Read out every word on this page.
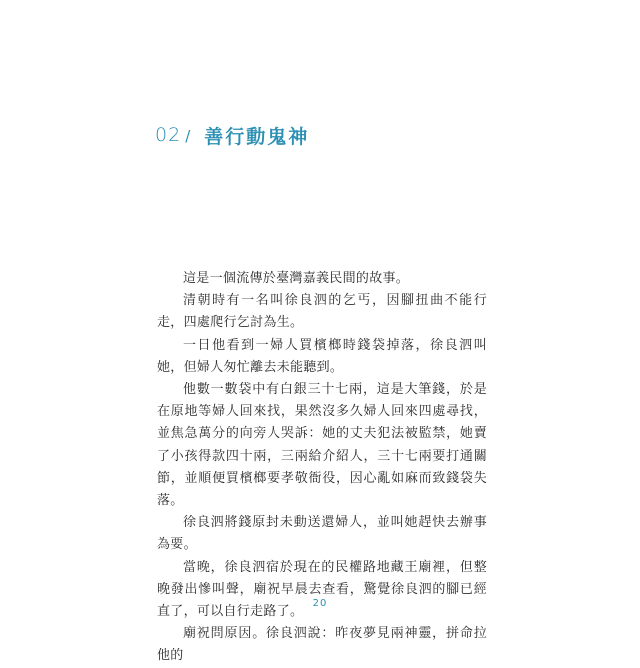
02 / 善行動鬼神

這是一個流傳於臺灣嘉義民間的故事。

清朝時有一名叫徐良泗的乞丐，因腳扭曲不能行走，四處爬行乞討為生。

一日他看到一婦人買檳榔時錢袋掉落，徐良泗叫她，但婦人匆忙離去未能聽到。

他數一數袋中有白銀三十七兩，這是大筆錢，於是在原地等婦人回來找，果然沒多久婦人回來四處尋找，並焦急萬分的向旁人哭訴：她的丈夫犯法被監禁，她賣了小孩得款四十兩，三兩給介紹人，三十七兩要打通關節，並順便買檳榔要孝敬衙役，因心亂如麻而致錢袋失落。

徐良泗將錢原封未動送還婦人，並叫她趕快去辦事為要。

當晚，徐良泗宿於現在的民權路地藏王廟裡，但整晚發出慘叫聲，廟祝早晨去查看，驚覺徐良泗的腳已經直了，可以自行走路了。

廟祝問原因。徐良泗說：昨夜夢見兩神靈，拼命拉他的

20
